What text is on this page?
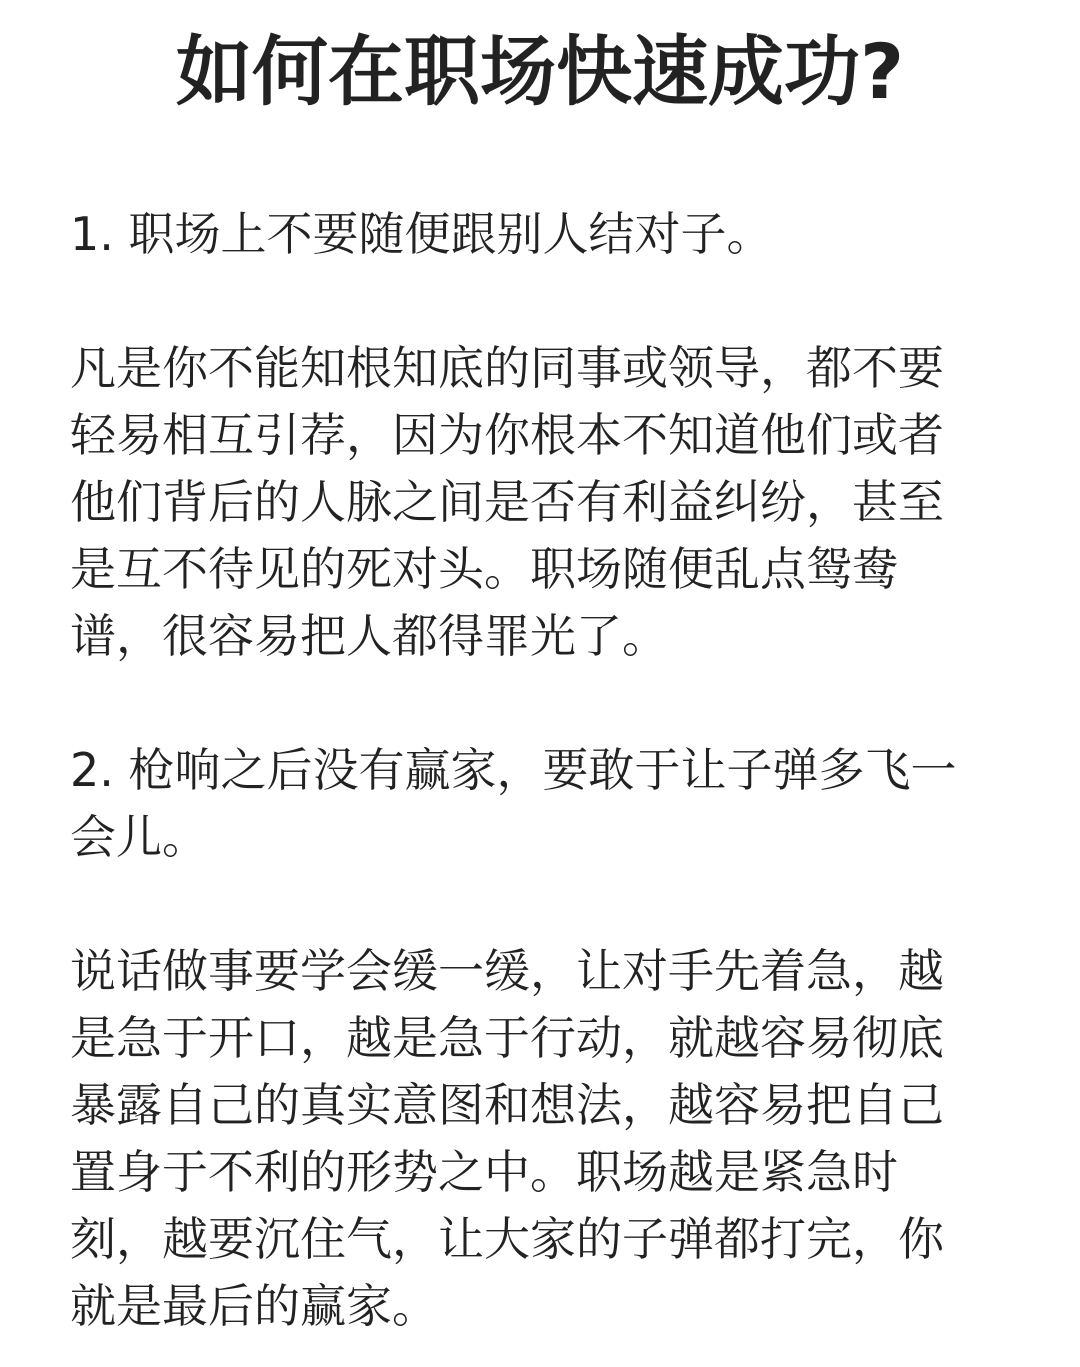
如何在职场快速成功?
1. 职场上不要随便跟别人结对子。
凡是你不能知根知底的同事或领导，都不要
轻易相互引荐，因为你根本不知道他们或者
他们背后的人脉之间是否有利益纠纷，甚至
是互不待见的死对头。职场随便乱点鸳鸯
谱，很容易把人都得罪光了。
2. 枪响之后没有赢家，要敢于让子弹多飞一
会儿。
说话做事要学会缓一缓，让对手先着急，越
是急于开口，越是急于行动，就越容易彻底
暴露自己的真实意图和想法，越容易把自己
置身于不利的形势之中。职场越是紧急时
刻，越要沉住气，让大家的子弹都打完，你
就是最后的赢家。
